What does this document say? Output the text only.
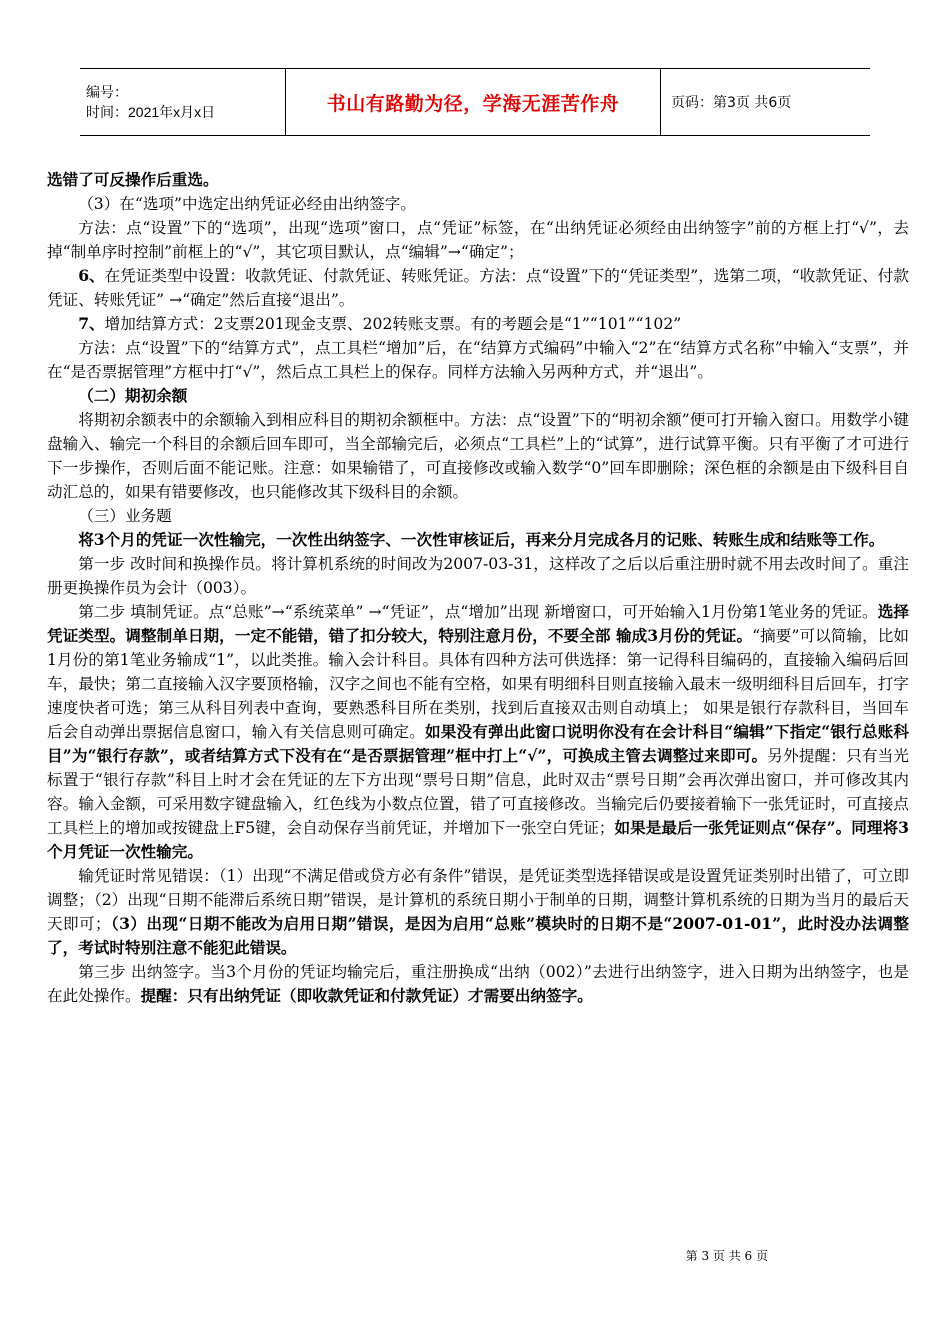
编号：
时间：2021年x月x日	书山有路勤为径，学海无涯苦作舟	页码：第3页 共6页

选错了可反操作后重选。

（3）在“选项”中选定出纳凭证必经由出纳签字。

方法：点“设置”下的“选项”，出现“选项”窗口，点“凭证”标签，在“出纳凭证必须经由出纳签字”前的方框上打“√”，去掉“制单序时控制”前框上的“√”，其它项目默认，点“编辑”→“确定”；

6、在凭证类型中设置：收款凭证、付款凭证、转账凭证。方法：点“设置”下的“凭证类型”，选第二项，“收款凭证、付款凭证、转账凭证” →“确定”然后直接“退出”。

7、增加结算方式：2支票201现金支票、202转账支票。有的考题会是“1”“101”“102”

方法：点“设置”下的“结算方式”，点工具栏“增加”后，在“结算方式编码”中输入“2”在“结算方式名称”中输入“支票”，并在“是否票据管理”方框中打“√”，然后点工具栏上的保存。同样方法输入另两种方式，并“退出”。

（二）期初余额

将期初余额表中的余额输入到相应科目的期初余额框中。方法：点“设置”下的“明初余额”便可打开输入窗口。用数学小键盘输入、输完一个科目的余额后回车即可，当全部输完后，必须点“工具栏”上的“试算”，进行试算平衡。只有平衡了才可进行下一步操作，否则后面不能记账。注意：如果输错了，可直接修改或输入数学“0”回车即删除；深色框的余额是由下级科目自动汇总的，如果有错要修改，也只能修改其下级科目的余额。

（三）业务题

将3个月的凭证一次性输完，一次性出纳签字、一次性审核证后，再来分月完成各月的记账、转账生成和结账等工作。

第一步 改时间和换操作员。将计算机系统的时间改为2007-03-31，这样改了之后以后重注册时就不用去改时间了。重注册更换操作员为会计（003）。

第二步 填制凭证。点“总账”→“系统菜单” →“凭证”，点“增加”出现 新增窗口，可开始输入1月份第1笔业务的凭证。选择凭证类型。调整制单日期，一定不能错，错了扣分较大，特别注意月份，不要全部 输成3月份的凭证。“摘要”可以简输，比如1月份的第1笔业务输成“1”，以此类推。输入会计科目。具体有四种方法可供选择：第一记得科目编码的，直接输入编码后回车，最快；第二直接输入汉字要顶格输，汉字之间也不能有空格，如果有明细科目则直接输入最末一级明细科目后回车，打字速度快者可选；第三从科目列表中查询，要熟悉科目所在类别，找到后直接双击则自动填上； 如果是银行存款科目，当回车后会自动弹出票据信息窗口，输入有关信息则可确定。如果没有弹出此窗口说明你没有在会计科目“编辑”下指定“银行总账科目”为“银行存款”，或者结算方式下没有在“是否票据管理”框中打上“√”，可换成主管去调整过来即可。另外提醒：只有当光标置于“银行存款”科目上时才会在凭证的左下方出现“票号日期”信息，此时双击“票号日期”会再次弹出窗口，并可修改其内容。输入金额，可采用数字键盘输入，红色线为小数点位置，错了可直接修改。当输完后仍要接着输下一张凭证时，可直接点工具栏上的增加或按键盘上F5键，会自动保存当前凭证，并增加下一张空白凭证；如果是最后一张凭证则点“保存”。同理将3个月凭证一次性输完。

输凭证时常见错误：（1）出现“不满足借或贷方必有条件”错误，是凭证类型选择错误或是设置凭证类别时出错了，可立即调整；（2）出现“日期不能滞后系统日期”错误，是计算机的系统日期小于制单的日期，调整计算机系统的日期为当月的最后天天即可；（3）出现“日期不能改为启用日期”错误，是因为启用“总账”模块时的日期不是“2007-01-01”，此时没办法调整了，考试时特别注意不能犯此错误。

第三步 出纳签字。当3个月份的凭证均输完后，重注册换成“出纳（002）”去进行出纳签字，进入日期为出纳签字，也是在此处操作。提醒：只有出纳凭证（即收款凭证和付款凭证）才需要出纳签字。

第 3 页 共 6 页
